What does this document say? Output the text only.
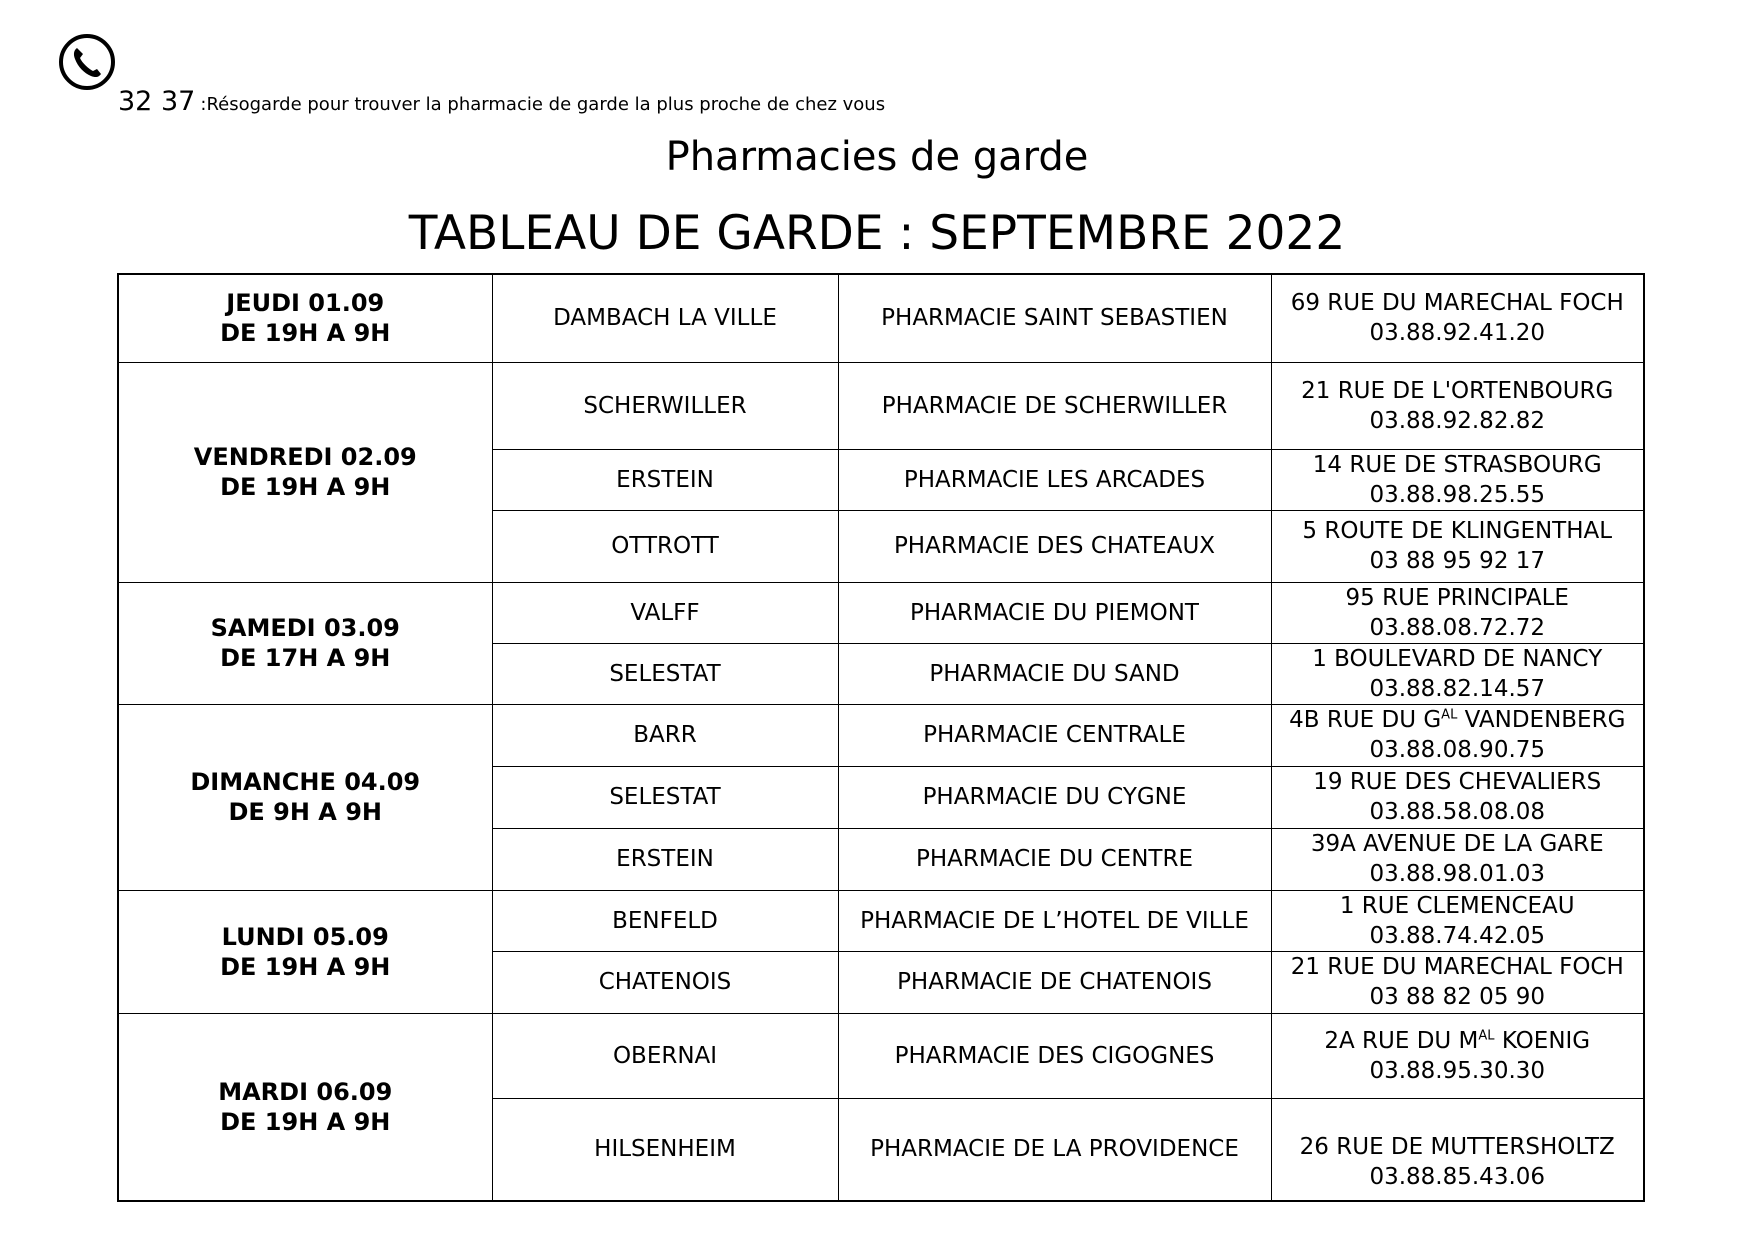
32 37 :Résogarde pour trouver la pharmacie de garde la plus proche de chez vous
Pharmacies de garde
TABLEAU DE GARDE : SEPTEMBRE 2022
JEUDI 01.09
DE 19H A 9H	DAMBACH LA VILLE	PHARMACIE SAINT SEBASTIEN	69 RUE DU MARECHAL FOCH
03.88.92.41.20

VENDREDI 02.09
DE 19H A 9H	SCHERWILLER	PHARMACIE DE SCHERWILLER	21 RUE DE L'ORTENBOURG
03.88.92.82.82

	ERSTEIN	PHARMACIE LES ARCADES	14 RUE DE STRASBOURG
03.88.98.25.55

	OTTROTT	PHARMACIE DES CHATEAUX	5 ROUTE DE KLINGENTHAL
03 88 95 92 17

SAMEDI 03.09
DE 17H A 9H	VALFF	PHARMACIE DU PIEMONT	95 RUE PRINCIPALE
03.88.08.72.72

	SELESTAT	PHARMACIE DU SAND	1 BOULEVARD DE NANCY
03.88.82.14.57

DIMANCHE 04.09
DE 9H A 9H	BARR	PHARMACIE CENTRALE	4B RUE DU $G^{AL}$ VANDENBERG
03.88.08.90.75

	SELESTAT	PHARMACIE DU CYGNE	19 RUE DES CHEVALIERS
03.88.58.08.08

	ERSTEIN	PHARMACIE DU CENTRE	39A AVENUE DE LA GARE
03.88.98.01.03

LUNDI 05.09
DE 19H A 9H	BENFELD	PHARMACIE DE L’HOTEL DE VILLE	1 RUE CLEMENCEAU
03.88.74.42.05

	CHATENOIS	PHARMACIE DE CHATENOIS	21 RUE DU MARECHAL FOCH
03 88 82 05 90

MARDI 06.09
DE 19H A 9H	OBERNAI	PHARMACIE DES CIGOGNES	2A RUE DU $M^{AL}$ KOENIG
03.88.95.30.30

	HILSENHEIM	PHARMACIE DE LA PROVIDENCE	26 RUE DE MUTTERSHOLTZ
03.88.85.43.06
